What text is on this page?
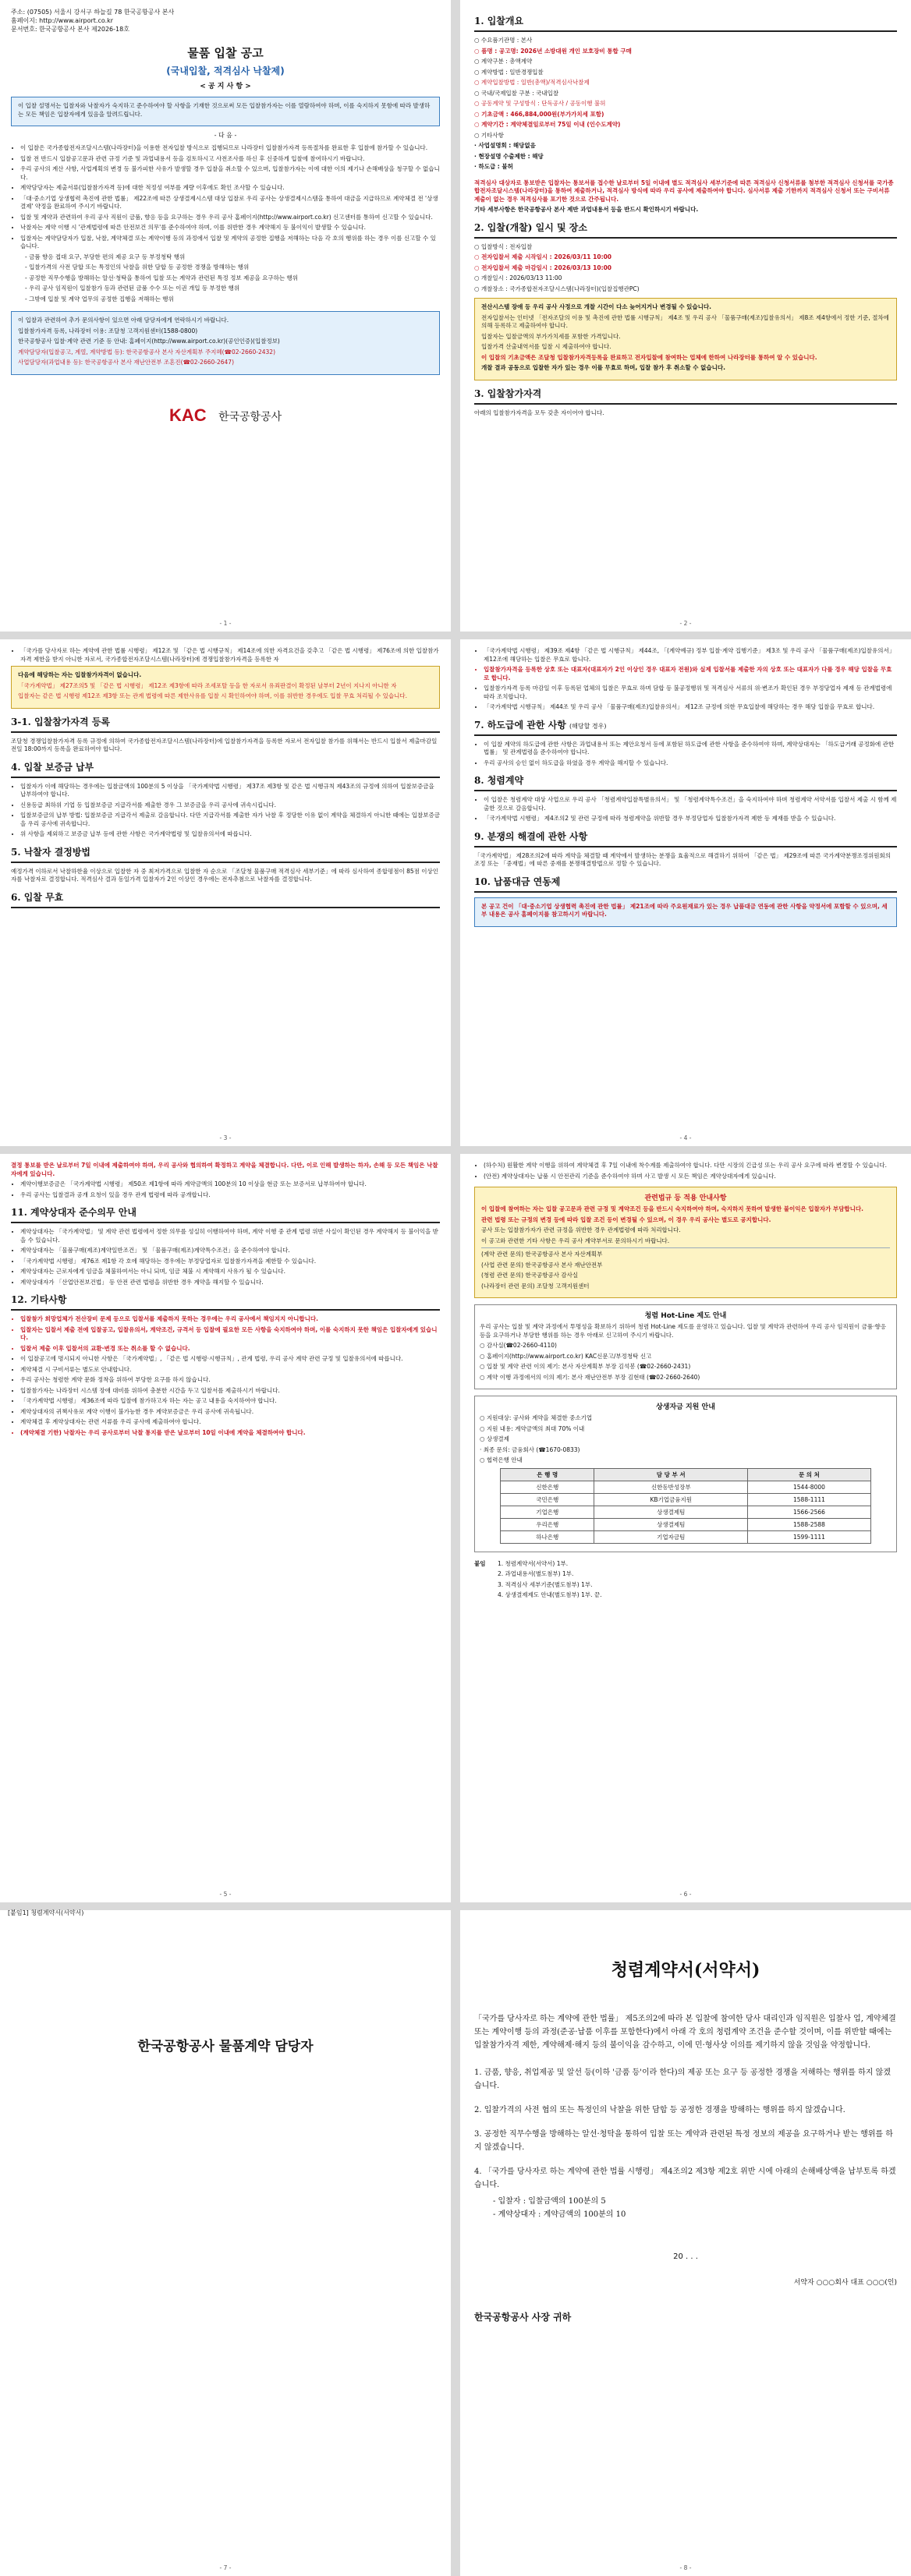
주소: (07505) 서울시 강서구 하늘길 78 한국공항공사 본사

홈페이지: http://www.airport.co.kr

문서번호: 한국공항공사 본사 제2026-18호

물품 입찰 공고
(국내입찰, 적격심사 낙찰제)
< 공 지 사 항 >

이 입찰 설명서는 입찰자와 낙찰자가 숙지하고 준수하여야 할 사항을 기재한 것으로써 모든 입찰참가자는 이를 열람하여야 하며, 이를 숙지하지 못함에 따라 발생하는 모든 책임은 입찰자에게 있음을 알려드립니다.

- 다 음 -
• 이 입찰은 국가종합전자조달시스템(나라장터)을 이용한 전자입찰 방식으로 집행되므로 나라장터 입찰참가자격 등록절차를 완료한 후 입찰에 참가할 수 있습니다.
• 입찰 전 반드시 입찰공고문과 관련 규정 기준 및 과업내용서 등을 검토하시고 사전조사를 하신 후 신중하게 입찰에 참여하시기 바랍니다.
• 우리 공사의 계산 사항, 사업계획의 변경 등 불가피한 사유가 발생할 경우 입찰을 취소할 수 있으며, 입찰참가자는 이에 대한 이의 제기나 손해배상을 청구할 수 없습니다.
• 계약담당자는 제출서류(입찰참가자격 등)에 대한 적정성 여부를 계량 이후에도 확인 조사할 수 있습니다.
• 「대·중소기업 상생협력 촉진에 관한 법률」 제22조에 따른 상생결제시스템 대상 입찰로 우리 공사는 상생결제시스템을 통하여 대금을 지급하므로 계약체결 전 '상생결제' 약정을 완료하여 주시기 바랍니다.
• 입찰 및 계약과 관련하여 우리 공사 직원이 금품, 향응 등을 요구하는 경우 우리 공사 홈페이지(http://www.airport.co.kr) 신고센터를 통하여 신고할 수 있습니다.
• 낙찰자는 계약 이행 시 '관계법령에 따른 안전보건 의무'를 준수하여야 하며, 이를 위반한 경우 계약해지 등 불이익이 발생할 수 있습니다.
• 입찰자는 계약담당자가 입찰, 낙찰, 계약체결 또는 계약이행 등의 과정에서 입찰 및 계약의 공정한 집행을 저해하는 다음 각 호의 행위를 하는 경우 이를 신고할 수 있습니다.

- 금품 향응 접대 요구, 부당한 편의 제공 요구 등 부정청탁 행위

- 입찰가격의 사전 담합 또는 특정인의 낙찰을 위한 담합 등 공정한 경쟁을 방해하는 행위

- 공정한 직무수행을 방해하는 알선·청탁을 통하여 입찰 또는 계약과 관련된 특정 정보 제공을 요구하는 행위

- 우리 공사 임직원이 입찰참가 등과 관련된 금품 수수 또는 이권 개입 등 부정한 행위

- 그밖에 입찰 및 계약 업무의 공정한 집행을 저해하는 행위

이 입찰과 관련하여 추가 문의사항이 있으면 아래 담당자에게 연락하시기 바랍니다.

입찰참가자격 등록, 나라장터 이용: 조달청 고객지원센터(1588-0800)

한국공항공사 입찰·계약 관련 기준 등 안내: 홈페이지(http://www.airport.co.kr)(공인인증)(입찰정보)

계약담당자(입찰공고, 계열, 계약방법 등): 한국공항공사 본사 자산계획부 주지혜(☎02-2660-2432)

사업담당자(과업내용 등): 한국공항공사 본사 재난안전부 조혼진(☎02-2660-2647)

KAC 한국공항공사
- 1 -
1. 입찰개요

○ 수요품기관명 : 본사

○ 품명 : 공고명: 2026년 소방대원 개인 보호장비 통합 구매

○ 계약구분 : 총액계약

○ 계약방법 : 일반경쟁입찰

○ 계약입찰방법 : 일반(총액)/적격심사낙찰제

○ 국내/국제입찰 구분 : 국내입찰

○ 공동계약 및 구성방식 : 단독공사 / 공동이행 불허

○ 기초금액 : 466,884,000원(부가가치세 포함)

○ 계약기간 : 계약체결일로부터 75일 이내 (인수도계약)

○ 기타사항

· 사업설명회 : 해당없음

· 현장설명 수출제한 : 해당

· 하도급 : 불허

적격심사 대상자로 통보받은 입찰자는 통보서를 접수한 날로부터 5일 이내에 별도 적격심사 세부기준에 따른 적격심사 신청서류를 첨부한 적격심사 신청서를 국가종합전자조달시스템(나라장터)을 통하여 제출하거나, 적격심사 방식에 따라 우리 공사에 제출하여야 합니다. 심사서류 제출 기한까지 적격심사 신청서 또는 구비서류 제출이 없는 경우 적격심사를 포기한 것으로 간주됩니다.

기타 세부사항은 한국공항공사 본사 제반 과업내용서 등을 반드시 확인하시기 바랍니다.

2. 입찰(개찰) 일시 및 장소

○ 입찰방식 : 전자입찰

○ 전자입찰서 제출 시작일시 : 2026/03/11 10:00

○ 전자입찰서 제출 마감일시 : 2026/03/13 10:00

○ 개찰일시 : 2026/03/13 11:00

○ 개찰장소 : 국가종합전자조달시스템(나라장터)(입찰집행관PC)

전산시스템 장애 등 우리 공사 사정으로 개찰 시간이 다소 늦어지거나 변경될 수 있습니다.

전자입찰서는 인터넷 「전자조달의 이용 및 촉진에 관한 법률 시행규칙」 제4조 및 우리 공사 「물품구매(제조)입찰유의서」 제8조 제4항에서 정한 기준, 절차에 의해 등록하고 제출하여야 합니다.

입찰자는 입찰금액의 부가가치세를 포함한 가격입니다.

입찰가격 산출내역서를 입찰 시 제출하여야 합니다.

이 입찰의 기초금액은 조달청 입찰참가자격등록을 완료하고 전자입찰에 참여하는 업체에 한하여 나라장터를 통하여 알 수 있습니다.

개찰 결과 공동으로 입찰한 자가 있는 경우 이를 무효로 하며, 입찰 참가 후 취소할 수 없습니다.

3. 입찰참가자격

아래의 입찰참가자격을 모두 갖춘 자이어야 합니다.

- 2 -
• 「국가를 당사자로 하는 계약에 관한 법률 시행령」 제12조 및 「같은 법 시행규칙」 제14조에 의한 자격요건을 갖추고 「같은 법 시행령」 제76조에 의한 입찰참가자격 제한을 받지 아니한 자로서, 국가종합전자조달시스템(나라장터)에 경쟁입찰참가자격을 등록한 자

다음에 해당하는 자는 입찰참가자격이 없습니다.

「국가계약법」 제27조의5 및 「같은 법 시행령」 제12조 제3항에 따라 조세포탈 등을 한 자로서 유죄판결이 확정된 날부터 2년이 지나지 아니한 자

입찰자는 같은 법 시행령 제12조 제3항 또는 관계 법령에 따른 제한사유를 입찰 시 확인하여야 하며, 이를 위반한 경우에도 입찰 무효 처리될 수 있습니다.

3-1. 입찰참가자격 등록

조달청 경쟁입찰참가자격 등록 규정에 의하여 국가종합전자조달시스템(나라장터)에 입찰참가자격을 등록한 자로서 전자입찰 참가를 위해서는 반드시 입찰서 제출마감일 전일 18:00까지 등록을 완료하여야 합니다.

4. 입찰 보증금 납부
• 입찰자가 이에 해당하는 경우에는 입찰금액의 100분의 5 이상을 「국가계약법 시행령」 제37조 제3항 및 같은 법 시행규칙 제43조의 규정에 의하여 입찰보증금을 납부하여야 합니다.
• 신용등급 최하위 기업 등 입찰보증금 지급각서를 제출한 경우 그 보증금을 우리 공사에 귀속시킵니다.
• 입찰보증금의 납부 방법: 입찰보증금 지급각서 제출로 갈음합니다. 다만 지급각서를 제출한 자가 낙찰 후 정당한 이유 없이 계약을 체결하지 아니한 때에는 입찰보증금을 우리 공사에 귀속합니다.
• 위 사항을 제외하고 보증금 납부 등에 관한 사항은 국가계약법령 및 입찰유의서에 따릅니다.
5. 낙찰자 결정방법

예정가격 이하로서 낙찰하한율 이상으로 입찰한 자 중 최저가격으로 입찰한 자 순으로 「조달청 물품구매 적격심사 세부기준」에 따라 심사하여 종합평점이 85점 이상인 자를 낙찰자로 결정합니다. 적격심사 결과 동일가격 입찰자가 2인 이상인 경우에는 전자추첨으로 낙찰자를 결정합니다.

6. 입찰 무효
- 3 -
• 「국가계약법 시행령」 제39조 제4항 「같은 법 시행규칙」 제44조, 「(계약예규) 정부 입찰·계약 집행기준」 제3조 및 우리 공사 「물품구매(제조)입찰유의서」 제12조에 해당하는 입찰은 무효로 합니다.
• 입찰참가자격을 등록한 상호 또는 대표자(대표자가 2인 이상인 경우 대표자 전원)와 실제 입찰서를 제출한 자의 상호 또는 대표자가 다를 경우 해당 입찰을 무효로 합니다.
• 입찰참가자격 등록 마감일 이후 등록된 업체의 입찰은 무효로 하며 담합 등 불공정행위 및 적격심사 서류의 위·변조가 확인된 경우 부정당업자 제재 등 관계법령에 따라 조치합니다.
• 「국가계약법 시행규칙」 제44조 및 우리 공사 「물품구매(제조)입찰유의서」 제12조 규정에 의한 무효입찰에 해당하는 경우 해당 입찰을 무효로 합니다.
7. 하도급에 관한 사항 (해당할 경우)
• 이 입찰 계약의 하도급에 관한 사항은 과업내용서 또는 제안요청서 등에 포함된 하도급에 관한 사항을 준수하여야 하며, 계약상대자는 「하도급거래 공정화에 관한 법률」 및 관계법령을 준수하여야 합니다.
• 우리 공사의 승인 없이 하도급을 하였을 경우 계약을 해지할 수 있습니다.
8. 청렴계약
• 이 입찰은 청렴계약 대상 사업으로 우리 공사 「청렴계약입찰특별유의서」 및 「청렴계약특수조건」을 숙지하여야 하며 청렴계약 서약서를 입찰서 제출 시 함께 제출한 것으로 갈음합니다.
• 「국가계약법 시행령」 제4조의2 및 관련 규정에 따라 청렴계약을 위반할 경우 부정당업자 입찰참가자격 제한 등 제재를 받을 수 있습니다.
9. 분쟁의 해결에 관한 사항

「국가계약법」 제28조의2에 따라 계약을 체결할 때 계약에서 발생하는 분쟁을 효율적으로 해결하기 위하여 「같은 법」 제29조에 따른 국가계약분쟁조정위원회의 조정 또는 「중재법」에 따른 중재를 분쟁해결방법으로 정할 수 있습니다.

10. 납품대금 연동제

본 공고 건이 「대·중소기업 상생협력 촉진에 관한 법률」 제21조에 따라 주요원재료가 있는 경우 납품대금 연동에 관한 사항을 약정서에 포함할 수 있으며, 세부 내용은 공사 홈페이지를 참고하시기 바랍니다.

- 4 -

결정 통보를 받은 날로부터 7일 이내에 제출하여야 하며, 우리 공사와 협의하여 확정하고 계약을 체결합니다. 다만, 이로 인해 발생하는 하자, 손해 등 모든 책임은 낙찰자에게 있습니다.

• 계약이행보증금은 「국가계약법 시행령」 제50조 제1항에 따라 계약금액의 100분의 10 이상을 현금 또는 보증서로 납부하여야 합니다.
• 우리 공사는 입찰결과 공개 요청이 있을 경우 관계 법령에 따라 공개합니다.
11. 계약상대자 준수의무 안내
• 계약상대자는 「국가계약법」 및 계약 관련 법령에서 정한 의무를 성실히 이행하여야 하며, 계약 이행 중 관계 법령 위반 사실이 확인된 경우 계약해지 등 불이익을 받을 수 있습니다.
• 계약상대자는 「물품구매(제조)계약일반조건」 및 「물품구매(제조)계약특수조건」을 준수하여야 합니다.
• 「국가계약법 시행령」 제76조 제1항 각 호에 해당하는 경우에는 부정당업자로 입찰참가자격을 제한할 수 있습니다.
• 계약상대자는 근로자에게 임금을 체불하여서는 아니 되며, 임금 체불 시 계약해지 사유가 될 수 있습니다.
• 계약상대자가 「산업안전보건법」 등 안전 관련 법령을 위반한 경우 계약을 해지할 수 있습니다.
12. 기타사항
• 입찰참가 희망업체가 전산장비 문제 등으로 입찰서를 제출하지 못하는 경우에는 우리 공사에서 책임지지 아니합니다.
• 입찰자는 입찰서 제출 전에 입찰공고, 입찰유의서, 계약조건, 규격서 등 입찰에 필요한 모든 사항을 숙지하여야 하며, 이를 숙지하지 못한 책임은 입찰자에게 있습니다.
• 입찰서 제출 이후 입찰서의 교환·변경 또는 취소를 할 수 없습니다.
• 이 입찰공고에 명시되지 아니한 사항은 「국가계약법」, 「같은 법 시행령·시행규칙」, 관계 법령, 우리 공사 계약 관련 규정 및 입찰유의서에 따릅니다.
• 계약체결 시 구비서류는 별도로 안내합니다.
• 우리 공사는 청렴한 계약 문화 정착을 위하여 부당한 요구를 하지 않습니다.
• 입찰참가자는 나라장터 시스템 장애 대비를 위하여 충분한 시간을 두고 입찰서를 제출하시기 바랍니다.
• 「국가계약법 시행령」 제36조에 따라 입찰에 참가하고자 하는 자는 공고 내용을 숙지하여야 합니다.
• 계약상대자의 귀책사유로 계약 이행이 불가능한 경우 계약보증금은 우리 공사에 귀속됩니다.
• 계약체결 후 계약상대자는 관련 서류를 우리 공사에 제출하여야 합니다.
• (계약체결 기한) 낙찰자는 우리 공사로부터 낙찰 통지를 받은 날로부터 10일 이내에 계약을 체결하여야 합니다.
- 5 -
• (하수처) 원활한 계약 이행을 위하여 계약체결 후 7일 이내에 착수계를 제출하여야 합니다. 다만 시장의 긴급성 또는 우리 공사 요구에 따라 변경할 수 있습니다.
• (안전) 계약상대자는 납품 시 안전관리 기준을 준수하여야 하며 사고 발생 시 모든 책임은 계약상대자에게 있습니다.
관련법규 등 적용 안내사항

이 입찰에 참여하는 자는 입찰 공고문과 관련 규정 및 계약조건 등을 반드시 숙지하여야 하며, 숙지하지 못하여 발생한 불이익은 입찰자가 부담합니다.

관련 법령 또는 규정의 변경 등에 따라 입찰 조건 등이 변경될 수 있으며, 이 경우 우리 공사는 별도로 공지합니다.

공사 또는 입찰참가자가 관련 규정을 위반한 경우 관계법령에 따라 처리합니다.

이 공고와 관련한 기타 사항은 우리 공사 계약부서로 문의하시기 바랍니다.

(계약 관련 문의) 한국공항공사 본사 자산계획부

(사업 관련 문의) 한국공항공사 본사 재난안전부

(청렴 관련 문의) 한국공항공사 감사실

(나라장터 관련 문의) 조달청 고객지원센터

청렴 Hot-Line 제도 안내

우리 공사는 입찰 및 계약 과정에서 투명성을 확보하기 위하여 청렴 Hot-Line 제도를 운영하고 있습니다. 입찰 및 계약과 관련하여 우리 공사 임직원이 금품·향응 등을 요구하거나 부당한 행위를 하는 경우 아래로 신고하여 주시기 바랍니다.

○ 감사실(☎02-2660-4110)

○ 홈페이지(http://www.airport.co.kr) KAC신문고/부정청탁 신고

○ 입찰 및 계약 관련 이의 제기: 본사 자산계획부 부장 김석봉 (☎02-2660-2431)

○ 계약 이행 과정에서의 이의 제기: 본사 재난안전부 부장 김현태 (☎02-2660-2640)

상생자금 지원 안내

○ 지원대상: 공사와 계약을 체결한 중소기업

○ 지원 내용: 계약금액의 최대 70% 이내

○ 상생결제

· 최종 문의: 금융회사 (☎1670-0833)

○ 협력은행 안내

은 행 명	담 당 부 서	문 의 처
신한은행	신한동반성장부	1544-8000
국민은행	KB기업금융지원	1588-1111
기업은행	상생결제팀	1566-2566
우리은행	상생결제팀	1588-2588
하나은행	기업자금팀	1599-1111
붙임	1. 청렴계약서(서약서) 1부.

2. 과업내용서(별도첨부) 1부.

3. 적격심사 세부기준(별도첨부) 1부.

4. 상생결제제도 안내(별도첨부) 1부. 끝.

- 6 -
한국공항공사 물품계약 담당자
- 7 -
[붙임1] 청렴계약서(서약서)
청렴계약서(서약서)

「국가를 당사자로 하는 계약에 관한 법률」 제5조의2에 따라 본 입찰에 참여한 당사 대리인과 임직원은 입찰사 업, 계약체결 또는 계약이행 등의 과정(준공·납품 이후를 포함한다)에서 아래 각 호의 청렴계약 조건을 준수할 것이며, 이를 위반할 때에는 입찰참가자격 제한, 계약해제·해지 등의 불이익을 감수하고, 이에 민·형사상 이의를 제기하지 않을 것임을 약정합니다.

1. 금품, 향응, 취업제공 및 알선 등(이하 '금품 등'이라 한다)의 제공 또는 요구 등 공정한 경쟁을 저해하는 행위를 하지 않겠습니다.

2. 입찰가격의 사전 협의 또는 특정인의 낙찰을 위한 담합 등 공정한 경쟁을 방해하는 행위를 하지 않겠습니다.

3. 공정한 직무수행을 방해하는 알선·청탁을 통하여 입찰 또는 계약과 관련된 특정 정보의 제공을 요구하거나 받는 행위를 하지 않겠습니다.

4. 「국가를 당사자로 하는 계약에 관한 법률 시행령」 제4조의2 제3항 제2호 위반 시에 아래의 손해배상액을 납부토록 하겠습니다.

- 입찰자 : 입찰금액의 100분의 5

- 계약상대자 : 계약금액의 100분의 10

20 . . .
서약자 ○○○회사 대표 ○○○(인)
한국공항공사 사장 귀하
- 8 -
